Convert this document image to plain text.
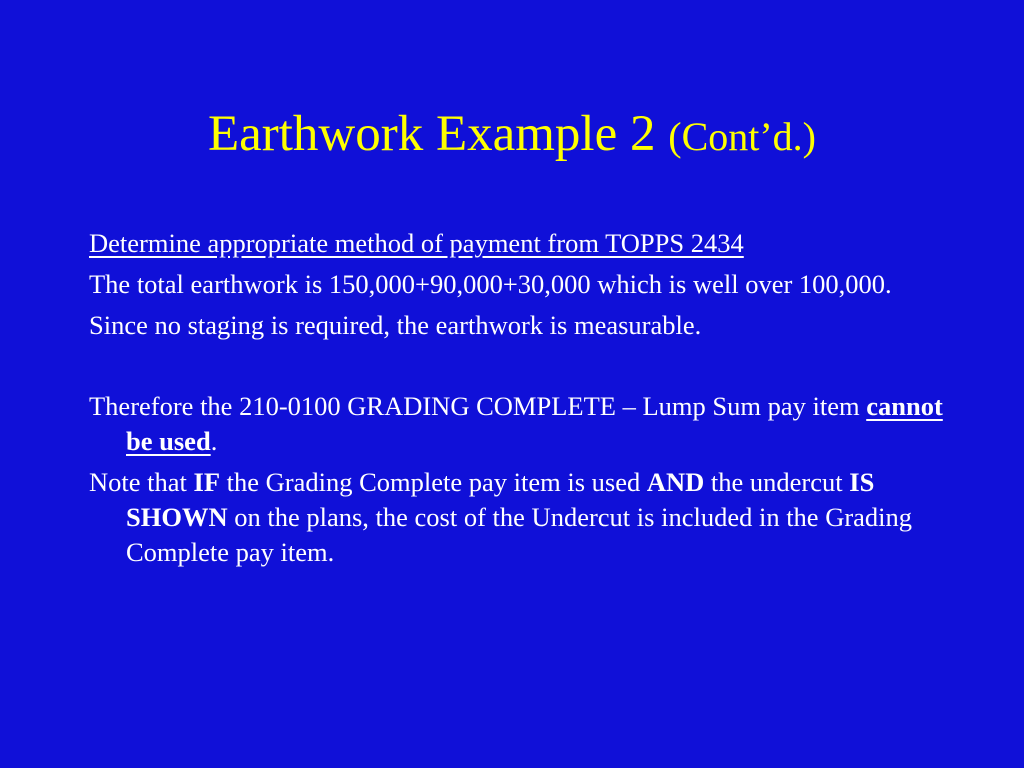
Earthwork Example 2 (Cont’d.)

Determine appropriate method of payment from TOPPS 2434

The total earthwork is 150,000+90,000+30,000 which is well over 100,000.

Since no staging is required, the earthwork is measurable.

Therefore the 210-0100 GRADING COMPLETE – Lump Sum pay item cannot be used.

Note that IF the Grading Complete pay item is used AND the undercut IS SHOWN on the plans, the cost of the Undercut is included in the Grading Complete pay item.
